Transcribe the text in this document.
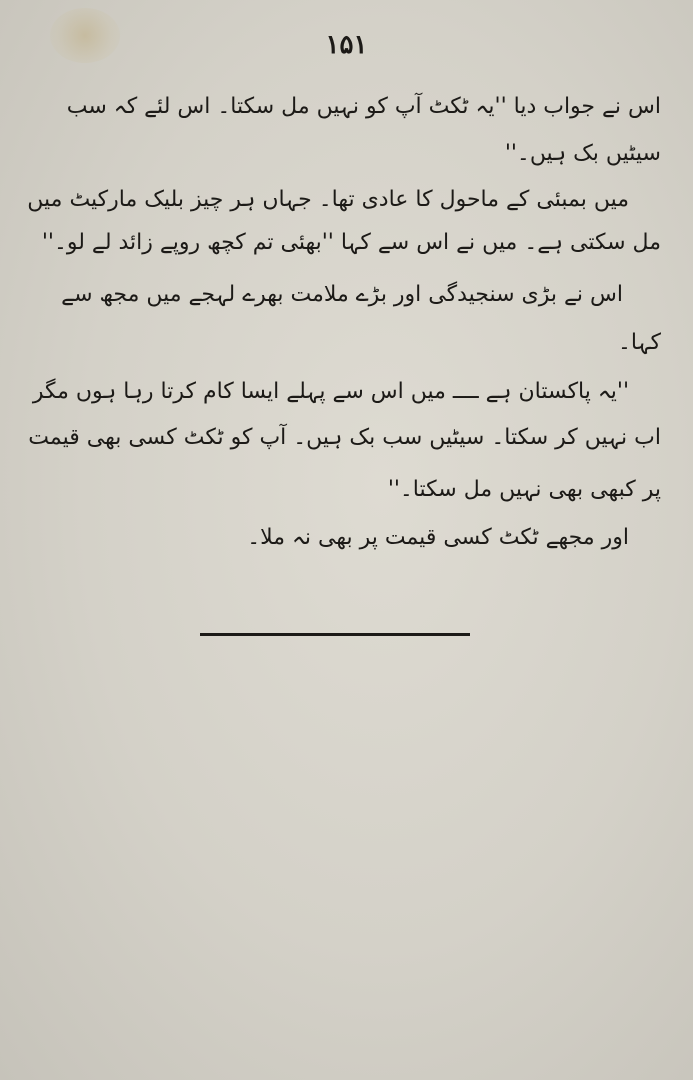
۱۵۱
اس نے جواب دیا ''یہ ٹکٹ آپ کو نہیں مل سکتا۔ اس لئے کہ سب
سیٹیں بک ہیں۔''
میں بمبئی کے ماحول کا عادی تھا۔ جہاں ہر چیز بلیک مارکیٹ میں
مل سکتی ہے۔ میں نے اس سے کہا ''بھئی تم کچھ روپے زائد لے لو۔''
اس نے بڑی سنجیدگی اور بڑے ملامت بھرے لہجے میں مجھ سے
کہا۔
''یہ پاکستان ہے ــــ میں اس سے پہلے ایسا کام کرتا رہا ہوں مگر
اب نہیں کر سکتا۔ سیٹیں سب بک ہیں۔ آپ کو ٹکٹ کسی بھی قیمت
پر کبھی بھی نہیں مل سکتا۔''
اور مجھے ٹکٹ کسی قیمت پر بھی نہ ملا۔
